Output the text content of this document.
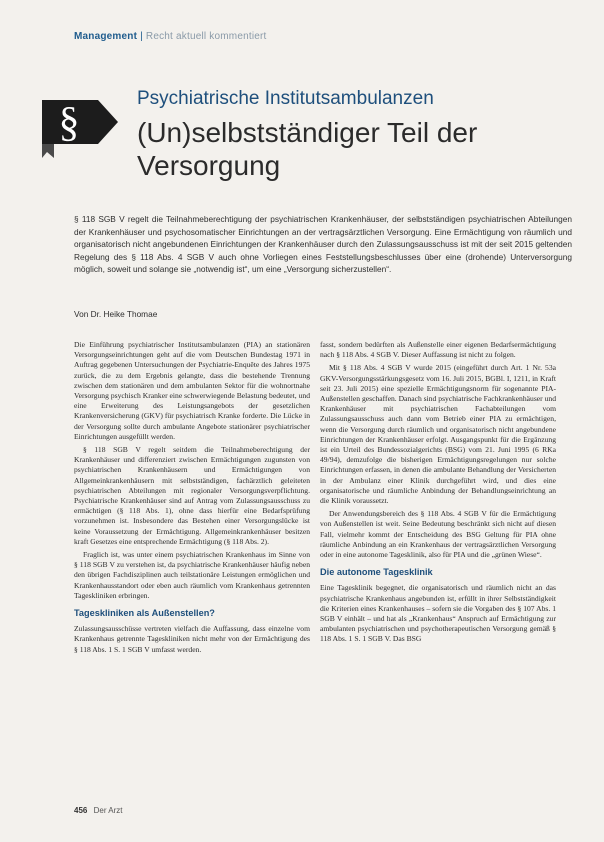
Management | Recht aktuell kommentiert
§
Psychiatrische Institutsambulanzen
(Un)selbstständiger Teil der Versorgung
§ 118 SGB V regelt die Teilnahmeberechtigung der psychiatrischen Krankenhäuser, der selbstständigen psychiatrischen Abteilungen der Krankenhäuser und psychosomatischer Einrichtungen an der vertragsärztlichen Versorgung. Eine Ermächtigung von räumlich und organisatorisch nicht angebundenen Einrichtungen der Krankenhäuser durch den Zulassungsausschuss ist mit der seit 2015 geltenden Regelung des § 118 Abs. 4 SGB V auch ohne Vorliegen eines Feststellungsbeschlusses über eine (drohende) Unterversorgung möglich, soweit und solange sie „notwendig ist“, um eine „Versorgung sicherzustellen“.
Von Dr. Heike Thomae

Die Einführung psychiatrischer Institutsambulanzen (PIA) an stationären Versorgungseinrichtungen geht auf die vom Deutschen Bundestag 1971 in Auftrag gegebenen Untersuchungen der Psychiatrie-Enquête des Jahres 1975 zurück, die zu dem Ergebnis gelangte, dass die bestehende Trennung zwischen dem stationären und dem ambulanten Sektor für die wohnortnahe Versorgung psychisch Kranker eine schwerwiegende Belastung bedeutet, und eine Erweiterung des Leistungsangebots der gesetzlichen Krankenversicherung (GKV) für psychiatrisch Kranke forderte. Die Lücke in der Versorgung sollte durch ambulante Angebote stationärer psychiatrischer Einrichtungen ausgefüllt werden.

§ 118 SGB V regelt seitdem die Teilnahmeberechtigung der Krankenhäuser und differenziert zwischen Ermächtigungen zugunsten von psychiatrischen Krankenhäusern und Ermächtigungen von Allgemeinkrankenhäusern mit selbstständigen, fachärztlich geleiteten psychiatrischen Abteilungen mit regionaler Versorgungsverpflichtung. Psychiatrische Krankenhäuser sind auf Antrag vom Zulassungsausschuss zu ermächtigen (§ 118 Abs. 1), ohne dass hierfür eine Bedarfsprüfung vorzunehmen ist. Insbesondere das Bestehen einer Versorgungslücke ist keine Voraussetzung der Ermächtigung. Allgemeinkrankenhäuser besitzen kraft Gesetzes eine entsprechende Ermächtigung (§ 118 Abs. 2).

Fraglich ist, was unter einem psychiatrischen Krankenhaus im Sinne von § 118 SGB V zu verstehen ist, da psychiatrische Krankenhäuser häufig neben den übrigen Fachdisziplinen auch teilstationäre Leistungen ermöglichen und Krankenhausstandort oder eben auch räumlich vom Krankenhaus getrennten Tageskliniken erbringen.

Tageskliniken als Außenstellen?

Zulassungsausschüsse vertreten vielfach die Auffassung, dass einzelne vom Krankenhaus getrennte Tageskliniken nicht mehr von der Ermächtigung des § 118 Abs. 1 S. 1 SGB V umfasst werden.

fasst, sondern bedürften als Außenstelle einer eigenen Bedarfsermächtigung nach § 118 Abs. 4 SGB V. Dieser Auffassung ist nicht zu folgen.

Mit § 118 Abs. 4 SGB V wurde 2015 (eingeführt durch Art. 1 Nr. 53a GKV-Versorgungsstärkungsgesetz vom 16. Juli 2015, BGBl. I, 1211, in Kraft seit 23. Juli 2015) eine spezielle Ermächtigungsnorm für sogenannte PIA-Außenstellen geschaffen. Danach sind psychiatrische Fachkrankenhäuser und Krankenhäuser mit psychiatrischen Fachabteilungen vom Zulassungsausschuss auch dann vom Betrieb einer PIA zu ermächtigen, wenn die Versorgung durch räumlich und organisatorisch nicht angebundene Einrichtungen der Krankenhäuser erfolgt. Ausgangspunkt für die Ergänzung ist ein Urteil des Bundessozialgerichts (BSG) vom 21. Juni 1995 (6 RKa 49/94), demzufolge die bisherigen Ermächtigungsregelungen nur solche Einrichtungen erfassen, in denen die ambulante Behandlung der Versicherten in der Ambulanz einer Klinik durchgeführt wird, und dies eine organisatorische und räumliche Anbindung der Behandlungseinrichtung an die Klinik voraussetzt.

Der Anwendungsbereich des § 118 Abs. 4 SGB V für die Ermächtigung von Außenstellen ist weit. Seine Bedeutung beschränkt sich nicht auf diesen Fall, vielmehr kommt der Entscheidung des BSG Geltung für PIA ohne räumliche Anbindung an ein Krankenhaus der vertragsärztlichen Versorgung oder in eine autonome Tagesklinik, also für PIA und die „grünen Wiese“.

Die autonome Tagesklinik

Eine Tagesklinik begegnet, die organisatorisch und räumlich nicht an das psychiatrische Krankenhaus angebunden ist, erfüllt in ihrer Selbstständigkeit die Kriterien eines Krankenhauses – sofern sie die Vorgaben des § 107 Abs. 1 SGB V einhält – und hat als „Krankenhaus“ Anspruch auf Ermächtigung zur ambulanten psychiatrischen und psychotherapeutischen Versorgung gemäß § 118 Abs. 1 S. 1 SGB V. Das BSG

456 Der Arzt
